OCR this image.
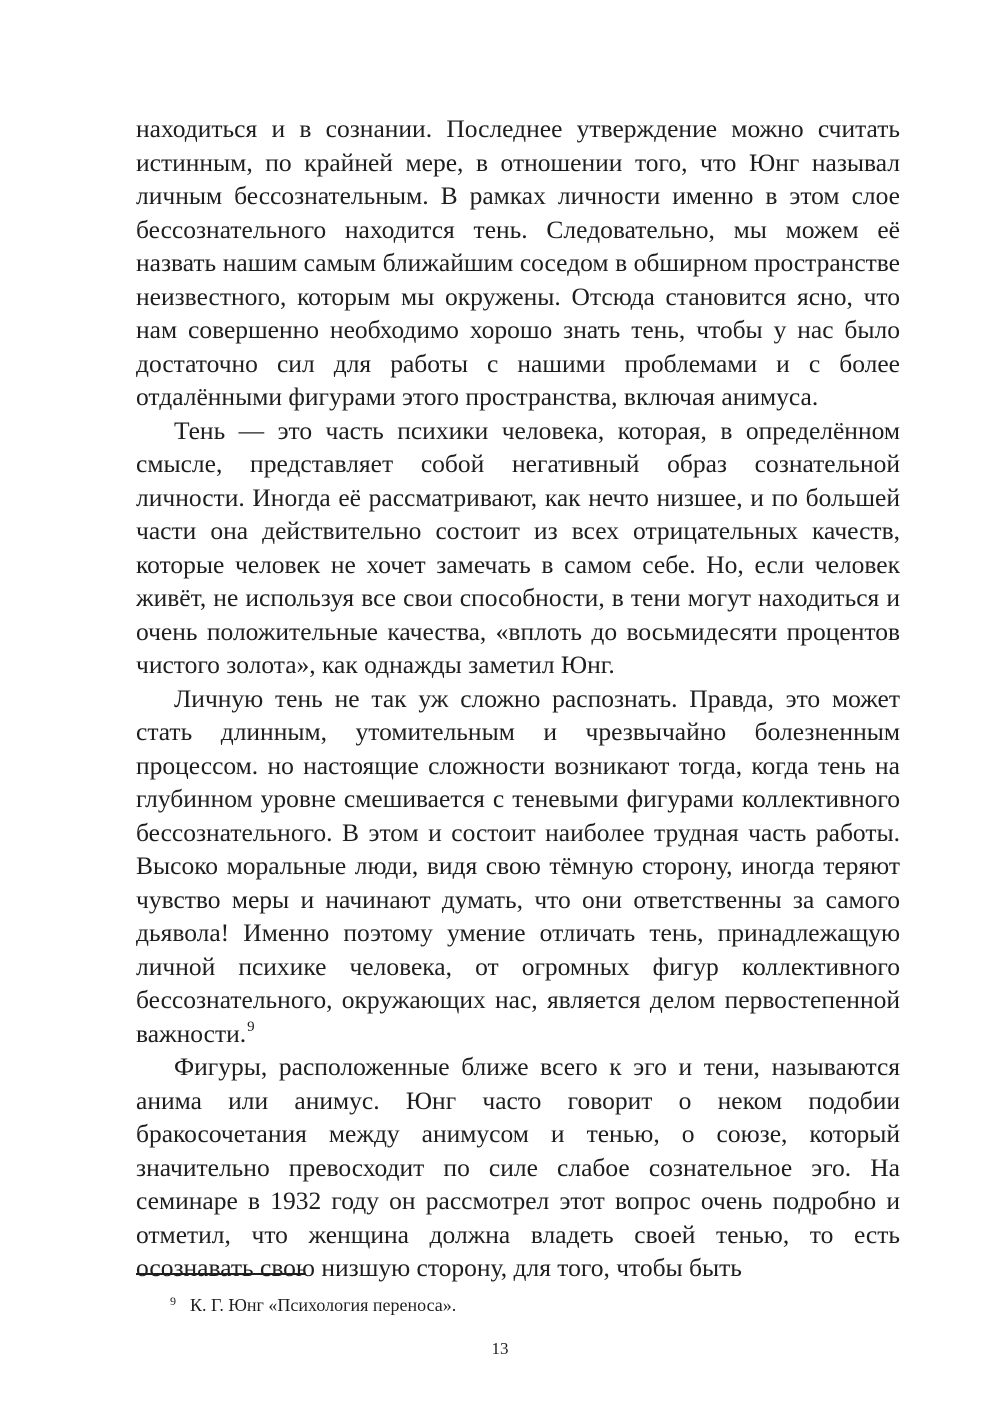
находиться и в сознании. Последнее утверждение можно считать истинным, по крайней мере, в отношении того, что Юнг называл личным бессознательным. В рамках личности именно в этом слое бессознательного находится тень. Следовательно, мы можем её назвать нашим самым ближайшим соседом в обширном пространстве неизвестного, которым мы окружены. Отсюда становится ясно, что нам совершенно необходимо хорошо знать тень, чтобы у нас было достаточно сил для работы с нашими проблемами и с более отдалёнными фигурами этого пространства, включая анимуса.

Тень — это часть психики человека, которая, в определённом смысле, представляет собой негативный образ сознательной личности. Иногда её рассматривают, как нечто низшее, и по большей части она действительно состоит из всех отрицательных качеств, которые человек не хочет замечать в самом себе. Но, если человек живёт, не используя все свои способности, в тени могут находиться и очень положительные качества, «вплоть до восьмидесяти процентов чистого золота», как однажды заметил Юнг.

Личную тень не так уж сложно распознать. Правда, это может стать длинным, утомительным и чрезвычайно болезненным процессом. но настоящие сложности возникают тогда, когда тень на глубинном уровне смешивается с теневыми фигурами коллективного бессознательного. В этом и состоит наиболее трудная часть работы. Высоко моральные люди, видя свою тёмную сторону, иногда теряют чувство меры и начинают думать, что они ответственны за самого дьявола! Именно поэтому умение отличать тень, принадлежащую личной психике человека, от огромных фигур коллективного бессознательного, окружающих нас, является делом первостепенной важности.$^9$

Фигуры, расположенные ближе всего к эго и тени, называются анима или анимус. Юнг часто говорит о неком подобии бракосочетания между анимусом и тенью, о союзе, который значительно превосходит по силе слабое сознательное эго. На семинаре в 1932 году он рассмотрел этот вопрос очень подробно и отметил, что женщина должна владеть своей тенью, то есть осознавать свою низшую сторону, для того, чтобы быть

$^9$ К. Г. Юнг «Психология переноса».
13
